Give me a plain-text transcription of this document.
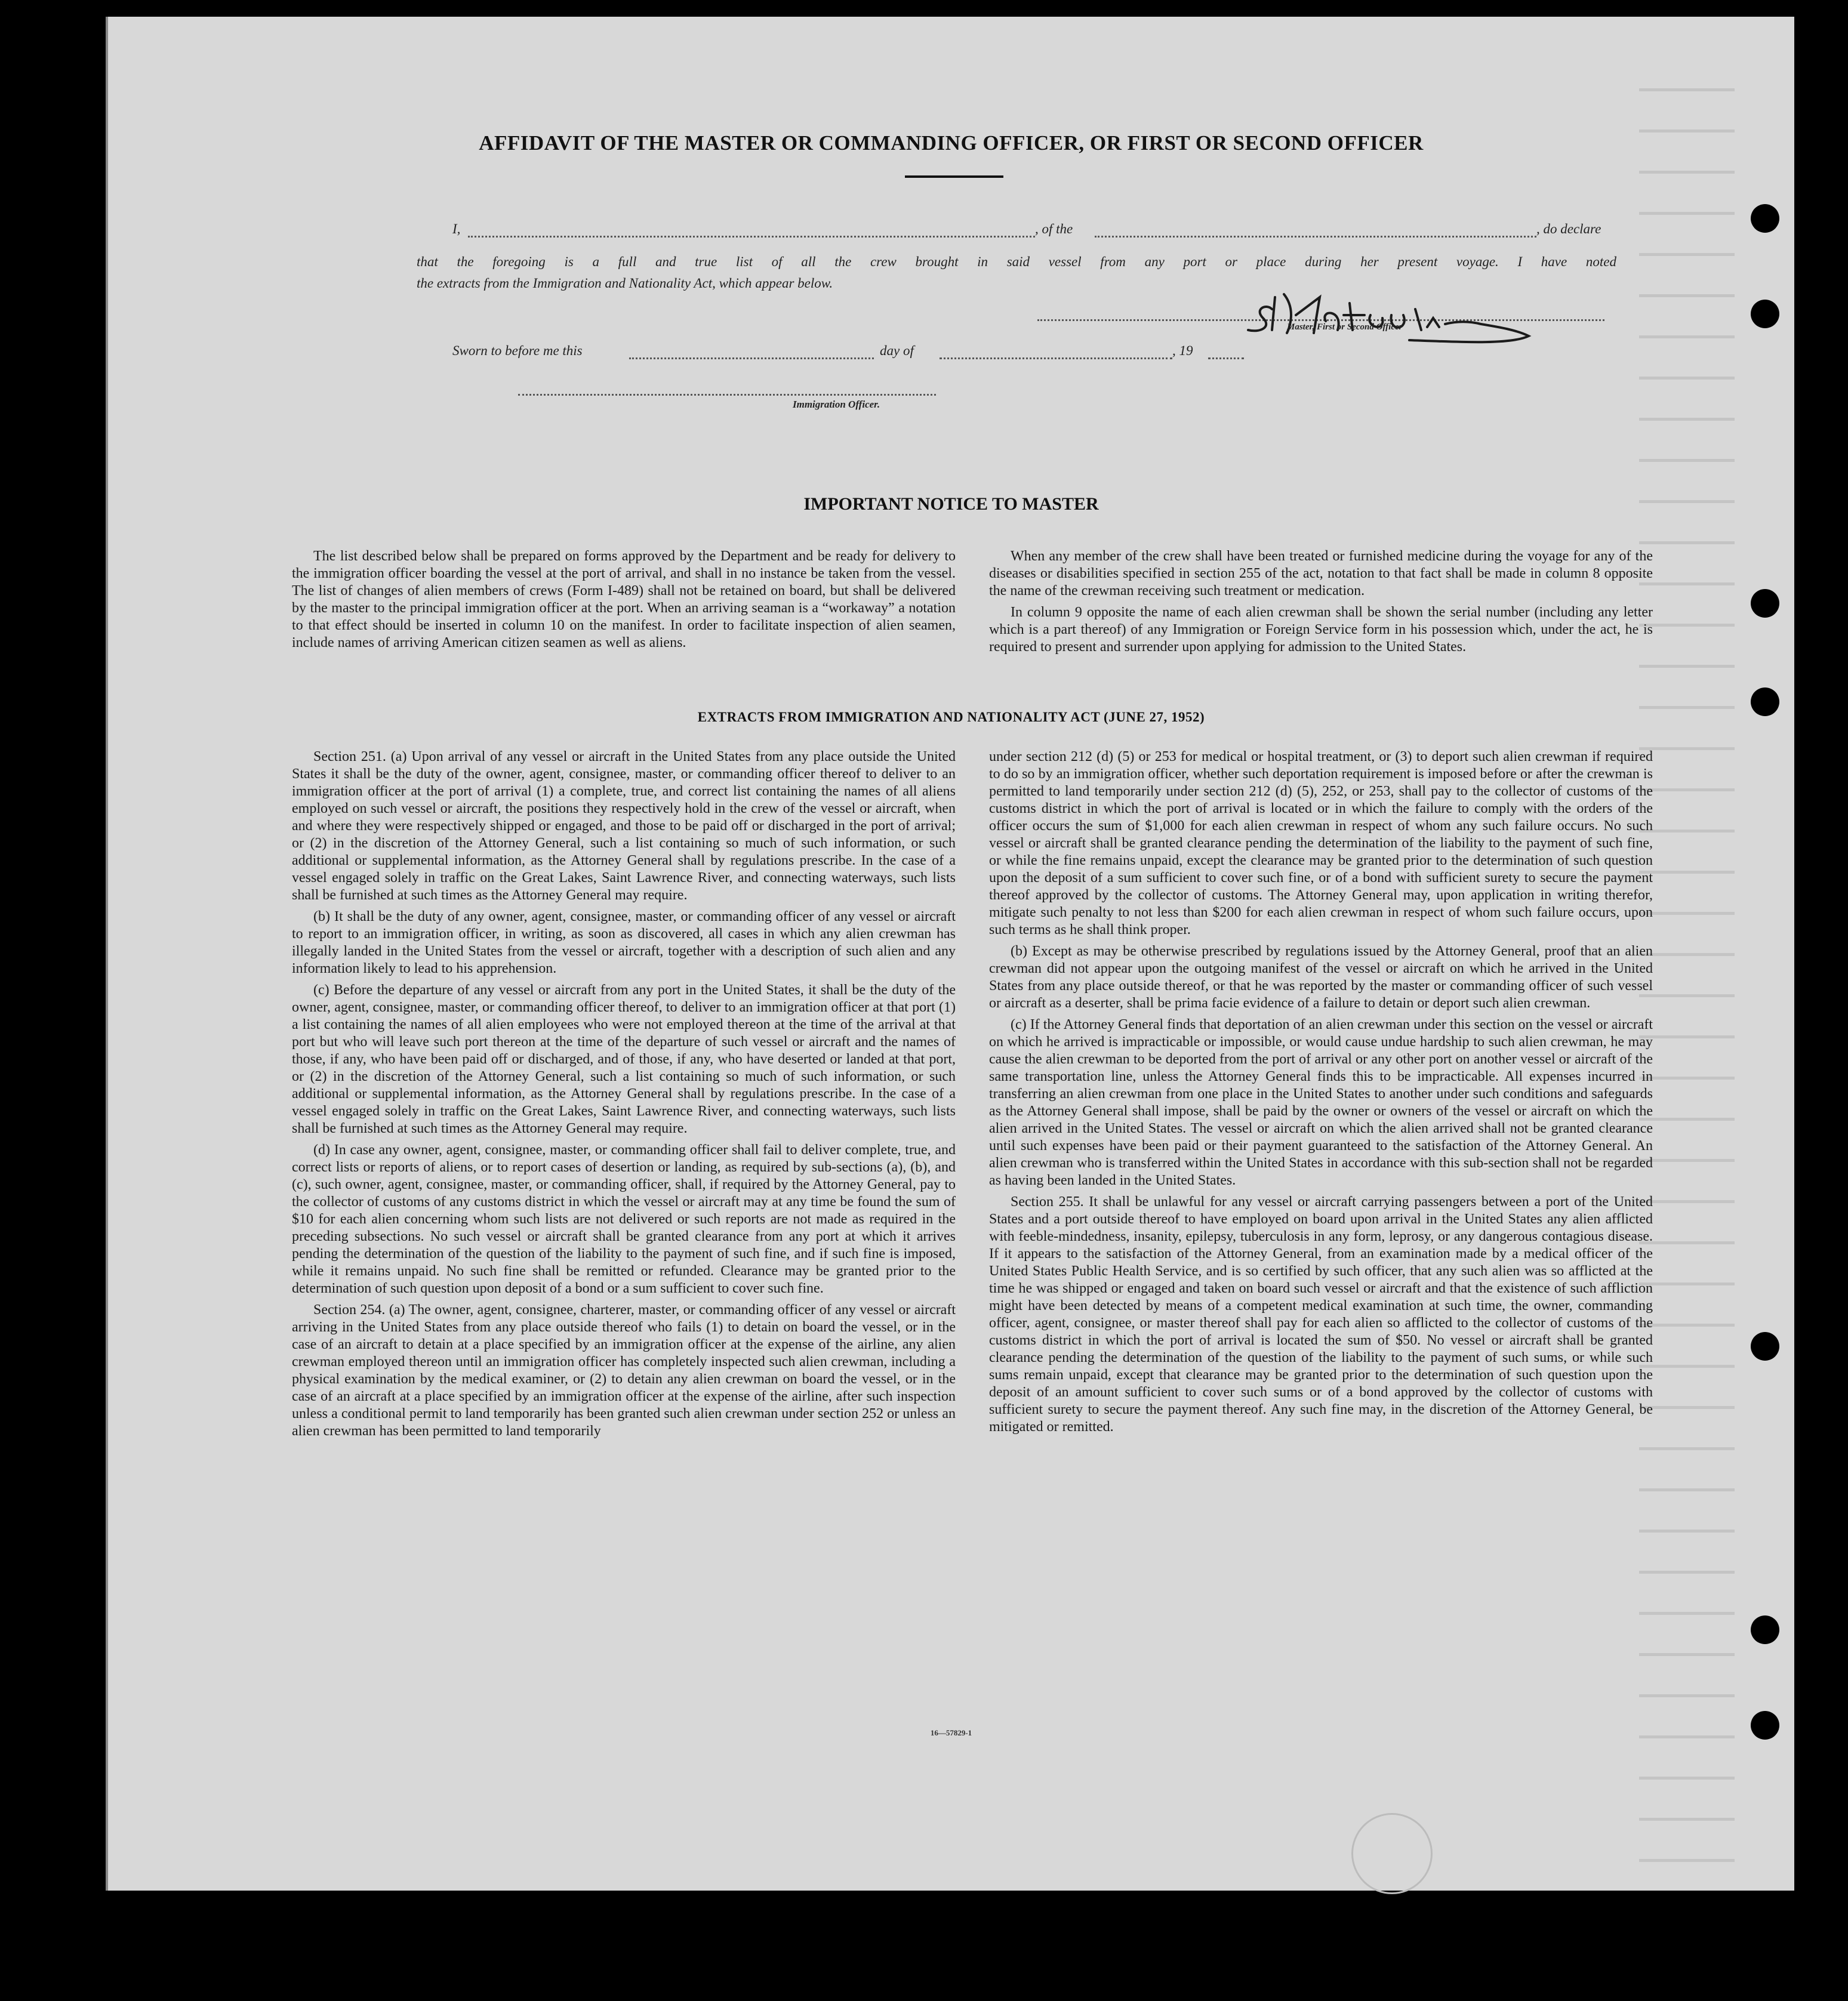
AFFIDAVIT OF THE MASTER OR COMMANDING OFFICER, OR FIRST OR SECOND OFFICER
I,	, of the	, do declare
that the foregoing is a full and true list of all the crew brought in said vessel from any port or place during her present voyage. I have noted
the extracts from the Immigration and Nationality Act, which appear below.
Master, First or Second Officer
Sworn to before me this	day of	, 19
Immigration Officer.
IMPORTANT NOTICE TO MASTER

The list described below shall be prepared on forms approved by the Department and be ready for delivery to the immigration officer boarding the vessel at the port of arrival, and shall in no instance be taken from the vessel. The list of changes of alien members of crews (Form I-489) shall not be retained on board, but shall be delivered by the master to the principal immigration officer at the port. When an arriving seaman is a “workaway” a notation to that effect should be inserted in column 10 on the manifest. In order to facilitate inspection of alien seamen, include names of arriving American citizen seamen as well as aliens.

When any member of the crew shall have been treated or furnished medicine during the voyage for any of the diseases or disabilities specified in section 255 of the act, notation to that fact shall be made in column 8 opposite the name of the crewman receiving such treatment or medication.

In column 9 opposite the name of each alien crewman shall be shown the serial number (including any letter which is a part thereof) of any Immigration or Foreign Service form in his possession which, under the act, he is required to present and surrender upon applying for admission to the United States.

EXTRACTS FROM IMMIGRATION AND NATIONALITY ACT (JUNE 27, 1952)

Section 251. (a) Upon arrival of any vessel or aircraft in the United States from any place outside the United States it shall be the duty of the owner, agent, consignee, master, or commanding officer thereof to deliver to an immigration officer at the port of arrival (1) a complete, true, and correct list containing the names of all aliens employed on such vessel or aircraft, the positions they respectively hold in the crew of the vessel or aircraft, when and where they were respectively shipped or engaged, and those to be paid off or discharged in the port of arrival; or (2) in the discretion of the Attorney General, such a list containing so much of such information, or such additional or supplemental information, as the Attorney General shall by regulations prescribe. In the case of a vessel engaged solely in traffic on the Great Lakes, Saint Lawrence River, and connecting waterways, such lists shall be furnished at such times as the Attorney General may require.

(b) It shall be the duty of any owner, agent, consignee, master, or commanding officer of any vessel or aircraft to report to an immigration officer, in writing, as soon as discovered, all cases in which any alien crewman has illegally landed in the United States from the vessel or aircraft, together with a description of such alien and any information likely to lead to his apprehension.

(c) Before the departure of any vessel or aircraft from any port in the United States, it shall be the duty of the owner, agent, consignee, master, or commanding officer thereof, to deliver to an immigration officer at that port (1) a list containing the names of all alien employees who were not employed thereon at the time of the arrival at that port but who will leave such port thereon at the time of the departure of such vessel or aircraft and the names of those, if any, who have been paid off or discharged, and of those, if any, who have deserted or landed at that port, or (2) in the discretion of the Attorney General, such a list containing so much of such information, or such additional or supplemental information, as the Attorney General shall by regulations prescribe. In the case of a vessel engaged solely in traffic on the Great Lakes, Saint Lawrence River, and connecting waterways, such lists shall be furnished at such times as the Attorney General may require.

(d) In case any owner, agent, consignee, master, or commanding officer shall fail to deliver complete, true, and correct lists or reports of aliens, or to report cases of desertion or landing, as required by sub-sections (a), (b), and (c), such owner, agent, consignee, master, or commanding officer, shall, if required by the Attorney General, pay to the collector of customs of any customs district in which the vessel or aircraft may at any time be found the sum of $10 for each alien concerning whom such lists are not delivered or such reports are not made as required in the preceding subsections. No such vessel or aircraft shall be granted clearance from any port at which it arrives pending the determination of the question of the liability to the payment of such fine, and if such fine is imposed, while it remains unpaid. No such fine shall be remitted or refunded. Clearance may be granted prior to the determination of such question upon deposit of a bond or a sum sufficient to cover such fine.

Section 254. (a) The owner, agent, consignee, charterer, master, or commanding officer of any vessel or aircraft arriving in the United States from any place outside thereof who fails (1) to detain on board the vessel, or in the case of an aircraft to detain at a place specified by an immigration officer at the expense of the airline, any alien crewman employed thereon until an immigration officer has completely inspected such alien crewman, including a physical examination by the medical examiner, or (2) to detain any alien crewman on board the vessel, or in the case of an aircraft at a place specified by an immigration officer at the expense of the airline, after such inspection unless a conditional permit to land temporarily has been granted such alien crewman under section 252 or unless an alien crewman has been permitted to land temporarily

under section 212 (d) (5) or 253 for medical or hospital treatment, or (3) to deport such alien crewman if required to do so by an immigration officer, whether such deportation requirement is imposed before or after the crewman is permitted to land temporarily under section 212 (d) (5), 252, or 253, shall pay to the collector of customs of the customs district in which the port of arrival is located or in which the failure to comply with the orders of the officer occurs the sum of $1,000 for each alien crewman in respect of whom any such failure occurs. No such vessel or aircraft shall be granted clearance pending the determination of the liability to the payment of such fine, or while the fine remains unpaid, except the clearance may be granted prior to the determination of such question upon the deposit of a sum sufficient to cover such fine, or of a bond with sufficient surety to secure the payment thereof approved by the collector of customs. The Attorney General may, upon application in writing therefor, mitigate such penalty to not less than $200 for each alien crewman in respect of whom such failure occurs, upon such terms as he shall think proper.

(b) Except as may be otherwise prescribed by regulations issued by the Attorney General, proof that an alien crewman did not appear upon the outgoing manifest of the vessel or aircraft on which he arrived in the United States from any place outside thereof, or that he was reported by the master or commanding officer of such vessel or aircraft as a deserter, shall be prima facie evidence of a failure to detain or deport such alien crewman.

(c) If the Attorney General finds that deportation of an alien crewman under this section on the vessel or aircraft on which he arrived is impracticable or impossible, or would cause undue hardship to such alien crewman, he may cause the alien crewman to be deported from the port of arrival or any other port on another vessel or aircraft of the same transportation line, unless the Attorney General finds this to be impracticable. All expenses incurred in transferring an alien crewman from one place in the United States to another under such conditions and safeguards as the Attorney General shall impose, shall be paid by the owner or owners of the vessel or aircraft on which the alien arrived in the United States. The vessel or aircraft on which the alien arrived shall not be granted clearance until such expenses have been paid or their payment guaranteed to the satisfaction of the Attorney General. An alien crewman who is transferred within the United States in accordance with this sub-section shall not be regarded as having been landed in the United States.

Section 255. It shall be unlawful for any vessel or aircraft carrying passengers between a port of the United States and a port outside thereof to have employed on board upon arrival in the United States any alien afflicted with feeble-mindedness, insanity, epilepsy, tuberculosis in any form, leprosy, or any dangerous contagious disease. If it appears to the satisfaction of the Attorney General, from an examination made by a medical officer of the United States Public Health Service, and is so certified by such officer, that any such alien was so afflicted at the time he was shipped or engaged and taken on board such vessel or aircraft and that the existence of such affliction might have been detected by means of a competent medical examination at such time, the owner, commanding officer, agent, consignee, or master thereof shall pay for each alien so afflicted to the collector of customs of the customs district in which the port of arrival is located the sum of $50. No vessel or aircraft shall be granted clearance pending the determination of the question of the liability to the payment of such sums, or while such sums remain unpaid, except that clearance may be granted prior to the determination of such question upon the deposit of an amount sufficient to cover such sums or of a bond approved by the collector of customs with sufficient surety to secure the payment thereof. Any such fine may, in the discretion of the Attorney General, be mitigated or remitted.

16—57829-1
